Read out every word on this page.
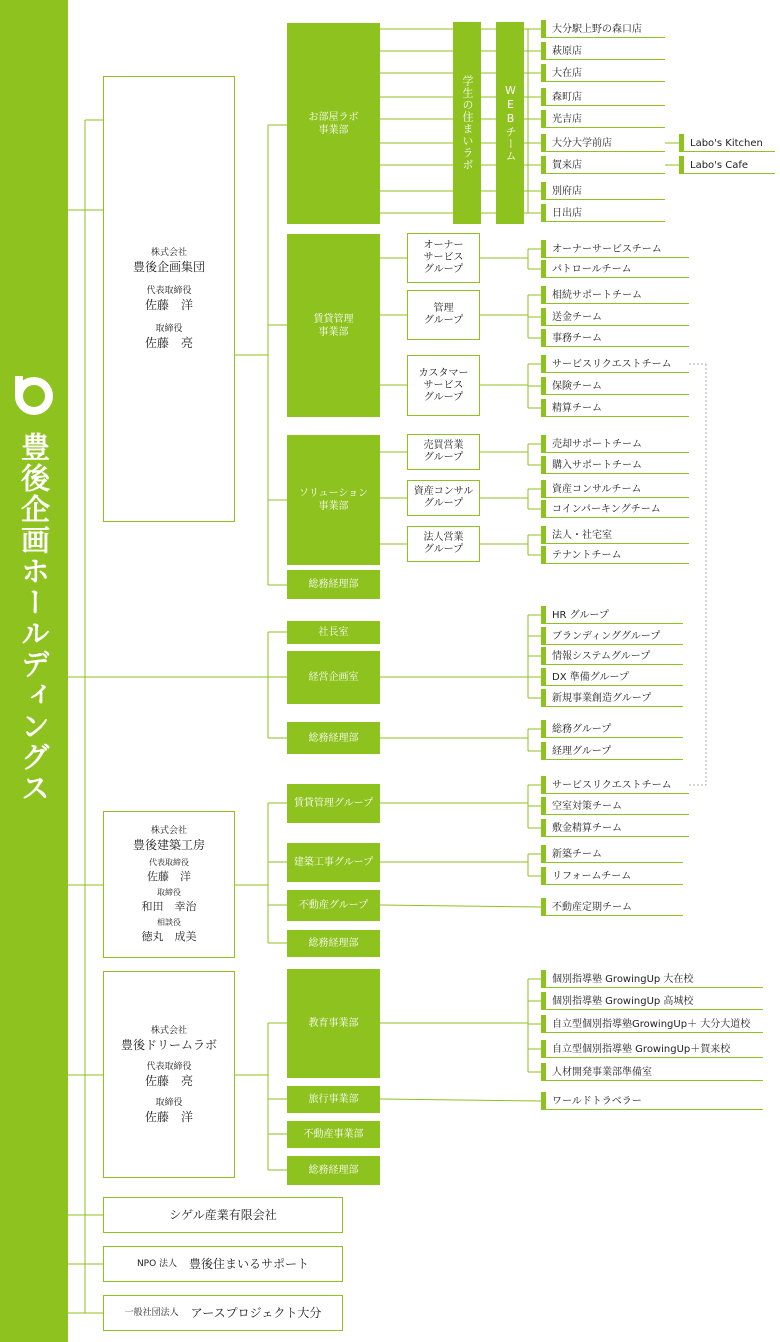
豊後企画ホールディングス
株式会社
豊後企画集団
代表取締役
佐藤　洋
取締役
佐藤　亮
お部屋ラボ
事業部	学生の住まいラボ	WEBチーム
大分駅上野の森口店
萩原店
大在店
森町店
光吉店
大分大学前店
賀来店
別府店
日出店
Labo's Kitchen
Labo's Cafe
賃貸管理
事業部
オーナー
サービス
グループ
管理
グループ
カスタマー
サービス
グループ
オーナーサービスチーム
パトロールチーム
相続サポートチーム
送金チーム
事務チーム
サービスリクエストチーム
保険チーム
精算チーム
ソリューション
事業部
売買営業
グループ
資産コンサル
グループ
法人営業
グループ
売却サポートチーム
購入サポートチーム
資産コンサルチーム
コインパーキングチーム
法人・社宅室
テナントチーム
総務経理部
社長室
経営企画室
総務経理部
HR グループ
ブランディンググループ
情報システムグループ
DX 準備グループ
新規事業創造グループ
総務グループ
経理グループ
株式会社
豊後建築工房
代表取締役
佐藤　洋
取締役
和田　幸治
相談役
徳丸　成美
賃貸管理グループ
建築工事グループ
不動産グループ
総務経理部
サービスリクエストチーム
空室対策チーム
敷金精算チーム
新築チーム
リフォームチーム
不動産定期チーム
株式会社
豊後ドリームラボ
代表取締役
佐藤　亮
取締役
佐藤　洋
教育事業部
旅行事業部
不動産事業部
総務経理部
個別指導塾 GrowingUp 大在校
個別指導塾 GrowingUp 高城校
自立型個別指導塾GrowingUp＋ 大分大道校
自立型個別指導塾 GrowingUp＋賀来校
人材開発事業部準備室
ワールドトラベラー
シゲル産業有限会社
NPO 法人 豊後住まいるサポート
一般社団法人 アースプロジェクト大分
